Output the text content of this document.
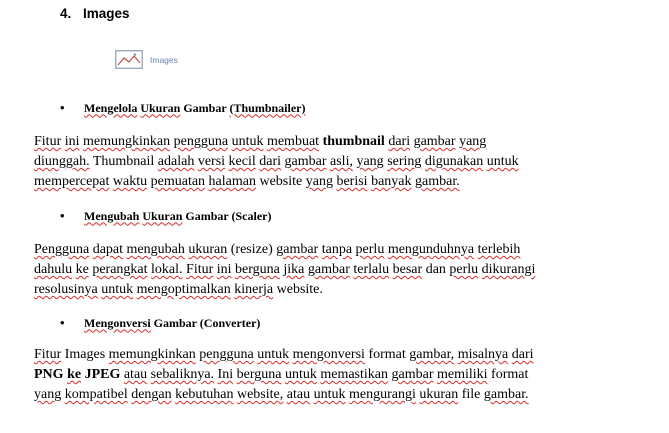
4. Images
Images
•	Mengelola Ukuran Gambar (Thumbnailer)
Fitur ini memungkinkan pengguna untuk membuat thumbnail dari gambar yang
diunggah. Thumbnail adalah versi kecil dari gambar asli, yang sering digunakan untuk
mempercepat waktu pemuatan halaman website yang berisi banyak gambar.
•	Mengubah Ukuran Gambar (Scaler)
Pengguna dapat mengubah ukuran (resize) gambar tanpa perlu mengunduhnya terlebih
dahulu ke perangkat lokal. Fitur ini berguna jika gambar terlalu besar dan perlu dikurangi
resolusinya untuk mengoptimalkan kinerja website.
•	Mengonversi Gambar (Converter)
Fitur Images memungkinkan pengguna untuk mengonversi format gambar, misalnya dari
PNG ke JPEG atau sebaliknya. Ini berguna untuk memastikan gambar memiliki format
yang kompatibel dengan kebutuhan website, atau untuk mengurangi ukuran file gambar.
